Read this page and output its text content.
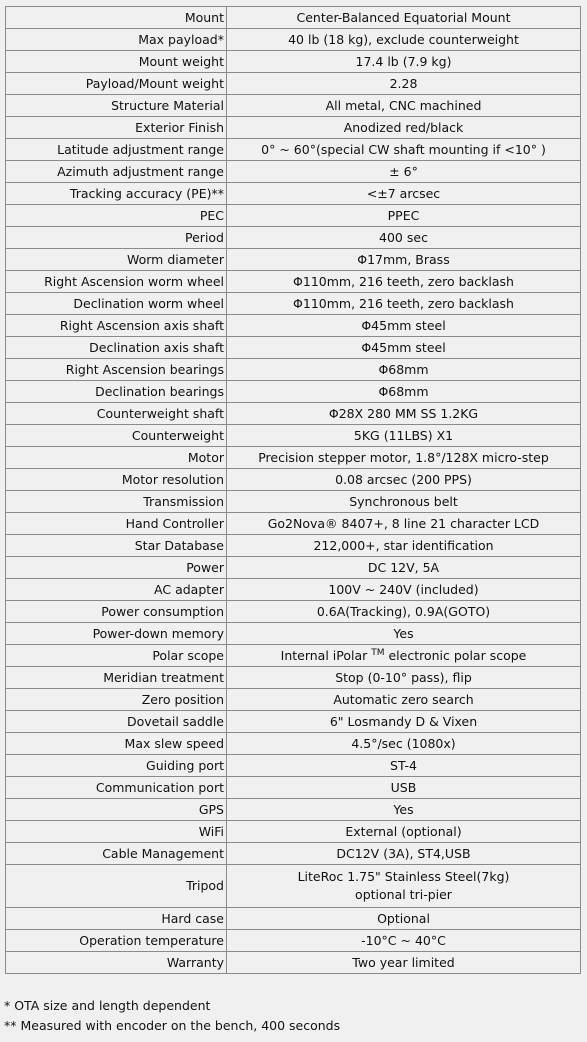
Mount	Center-Balanced Equatorial Mount
Max payload*	40 lb (18 kg), exclude counterweight
Mount weight	17.4 lb (7.9 kg)
Payload/Mount weight	2.28
Structure Material	All metal, CNC machined
Exterior Finish	Anodized red/black
Latitude adjustment range	0° ~ 60°(special CW shaft mounting if <10° )
Azimuth adjustment range	± 6°
Tracking accuracy (PE)**	<±7 arcsec
PEC	PPEC
Period	400 sec
Worm diameter	Φ17mm, Brass
Right Ascension worm wheel	Φ110mm, 216 teeth, zero backlash
Declination worm wheel	Φ110mm, 216 teeth, zero backlash
Right Ascension axis shaft	Φ45mm steel
Declination axis shaft	Φ45mm steel
Right Ascension bearings	Φ68mm
Declination bearings	Φ68mm
Counterweight shaft	Φ28X 280 MM SS 1.2KG
Counterweight	5KG (11LBS) X1
Motor	Precision stepper motor, 1.8°/128X micro-step
Motor resolution	0.08 arcsec (200 PPS)
Transmission	Synchronous belt
Hand Controller	Go2Nova® 8407+, 8 line 21 character LCD
Star Database	212,000+, star identification
Power	DC 12V, 5A
AC adapter	100V ~ 240V (included)
Power consumption	0.6A(Tracking), 0.9A(GOTO)
Power-down memory	Yes
Polar scope	Internal iPolar ™ electronic polar scope
Meridian treatment	Stop (0-10° pass), flip
Zero position	Automatic zero search
Dovetail saddle	6" Losmandy D & Vixen
Max slew speed	4.5°/sec (1080x)
Guiding port	ST-4
Communication port	USB
GPS	Yes
WiFi	External (optional)
Cable Management	DC12V (3A), ST4,USB
Tripod	LiteRoc 1.75" Stainless Steel(7kg)
optional tri-pier

Hard case	Optional
Operation temperature	-10°C ~ 40°C
Warranty	Two year limited
* OTA size and length dependent
** Measured with encoder on the bench, 400 seconds
